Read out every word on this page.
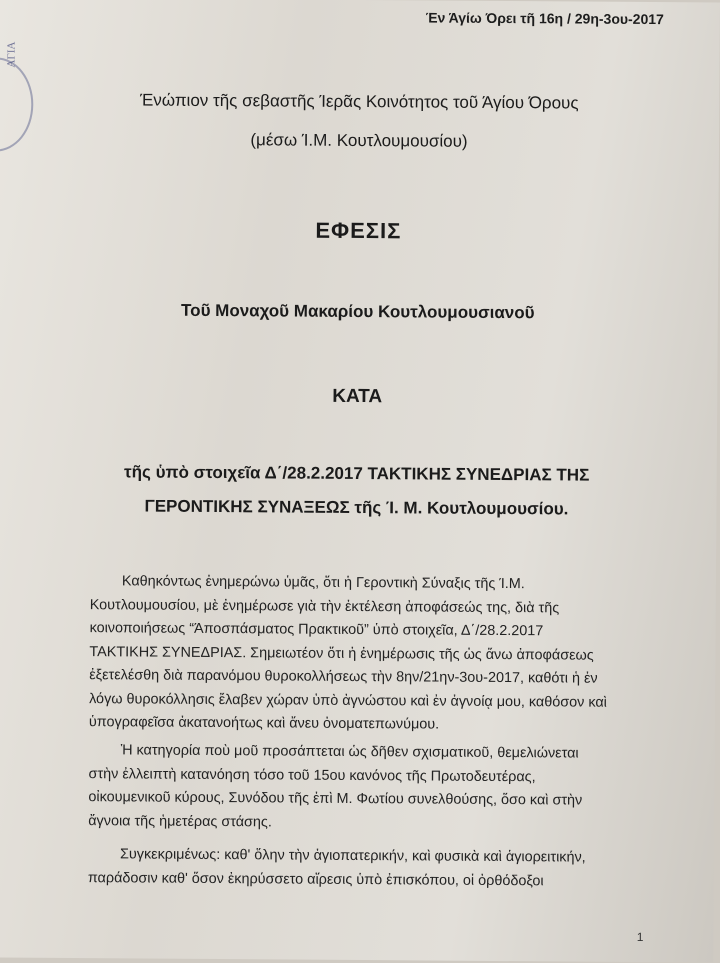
ΑΓΙΑ
Έν Άγίω Όρει τῆ 16η / 29η-3ου-2017
Ένώπιον τῆς σεβαστῆς Ίερᾶς Κοινότητος τοῦ Άγίου Όρους
(μέσω Ί.Μ. Κουτλουμουσίου)
ΕΦΕΣΙΣ
Τοῦ Μοναχοῦ Μακαρίου Κουτλουμουσιανοῦ
ΚΑΤΑ
τῆς ὑπὸ στοιχεῖα Δ΄/28.2.2017 ΤΑΚΤΙΚΗΣ ΣΥΝΕΔΡΙΑΣ ΤΗΣ
ΓΕΡΟΝΤΙΚΗΣ ΣΥΝΑΞΕΩΣ τῆς Ί. Μ. Κουτλουμουσίου.
Καθηκόντως ἐνημερώνω ὑμᾶς, ὅτι ἡ Γεροντικὴ Σύναξις τῆς Ί.Μ.
Κουτλουμουσίου, μὲ ἐνημέρωσε γιὰ τὴν ἐκτέλεση ἀποφάσεώς της, διὰ τῆς
κοινοποιήσεως “Άποσπάσματος Πρακτικοῦ” ὑπὸ στοιχεῖα, Δ΄/28.2.2017
ΤΑΚΤΙΚΗΣ ΣΥΝΕΔΡΙΑΣ. Σημειωτέον ὅτι ἡ ἐνημέρωσις τῆς ὡς ἄνω ἀποφάσεως
ἐξετελέσθη διὰ παρανόμου θυροκολλήσεως τὴν 8ην/21ην-3ου-2017, καθότι ἡ ἐν
λόγω θυροκόλλησις ἔλαβεν χώραν ὑπὸ ἀγνώστου καὶ ἐν ἀγνοίᾳ μου, καθόσον καὶ
ὑπογραφεῖσα ἀκατανοήτως καὶ ἄνευ ὀνοματεπωνύμου.
Ἡ κατηγορία ποὺ μοῦ προσάπτεται ὡς δῆθεν σχισματικοῦ, θεμελιώνεται
στὴν ἐλλειπτὴ κατανόηση τόσο τοῦ 15ου κανόνος τῆς Πρωτοδευτέρας,
οἰκουμενικοῦ κύρους, Συνόδου τῆς ἐπὶ Μ. Φωτίου συνελθούσης, ὅσο καὶ στὴν
ἄγνοια τῆς ἡμετέρας στάσης.
Συγκεκριμένως: καθ' ὅλην τὴν ἁγιοπατερικήν, καὶ φυσικὰ καὶ ἁγιορειτικήν,
παράδοσιν καθ' ὅσον ἐκηρύσσετο αἵρεσις ὑπὸ ἐπισκόπου, οἱ ὀρθόδοξοι
1
